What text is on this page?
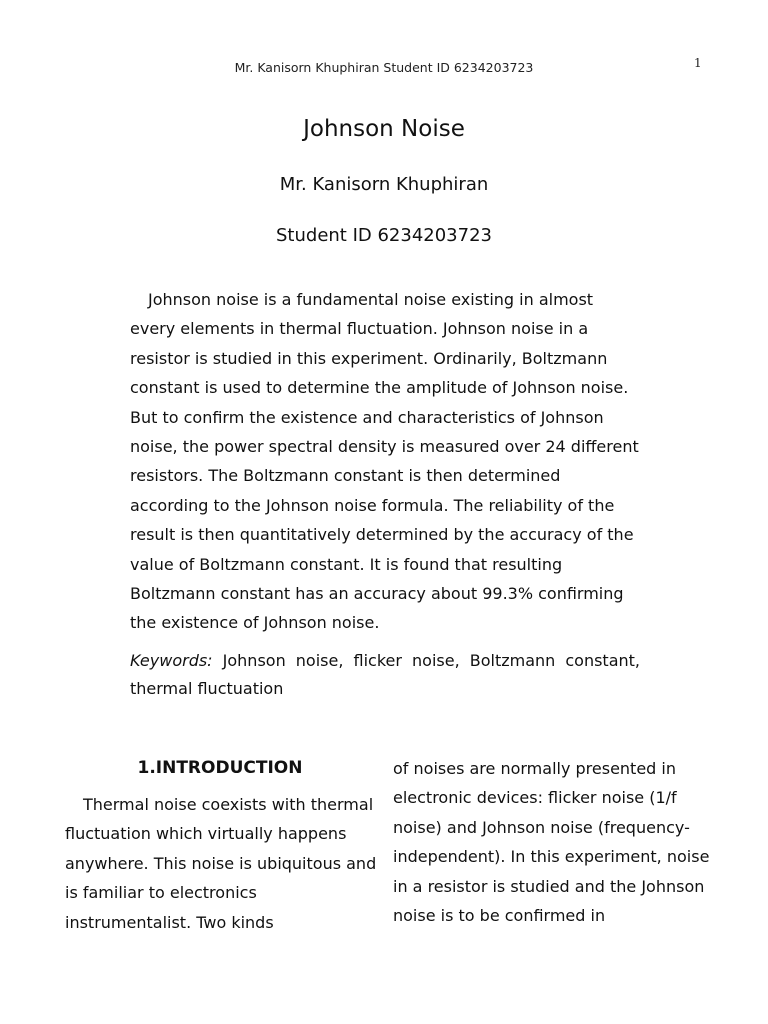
Mr. Kanisorn Khuphiran Student ID 6234203723	1
Johnson Noise
Mr. Kanisorn Khuphiran
Student ID 6234203723

Johnson noise is a fundamental noise existing in almost every elements in thermal fluctuation. Johnson noise in a resistor is studied in this experiment. Ordinarily, Boltzmann constant is used to determine the amplitude of Johnson noise. But to confirm the existence and characteristics of Johnson noise, the power spectral density is measured over 24 different resistors. The Boltzmann constant is then determined according to the Johnson noise formula. The reliability of the result is then quantitatively determined by the accuracy of the value of Boltzmann constant. It is found that resulting Boltzmann constant has an accuracy about 99.3% confirming the existence of Johnson noise.

Keywords: Johnson noise, flicker noise, Boltzmann constant, thermal fluctuation

1.INTRODUCTION

Thermal noise coexists with thermal fluctuation which virtually happens anywhere. This noise is ubiquitous and is familiar to electronics instrumentalist. Two kinds

of noises are normally presented in electronic devices: flicker noise (1/f noise) and Johnson noise (frequency-independent). In this experiment, noise in a resistor is studied and the Johnson noise is to be confirmed in
